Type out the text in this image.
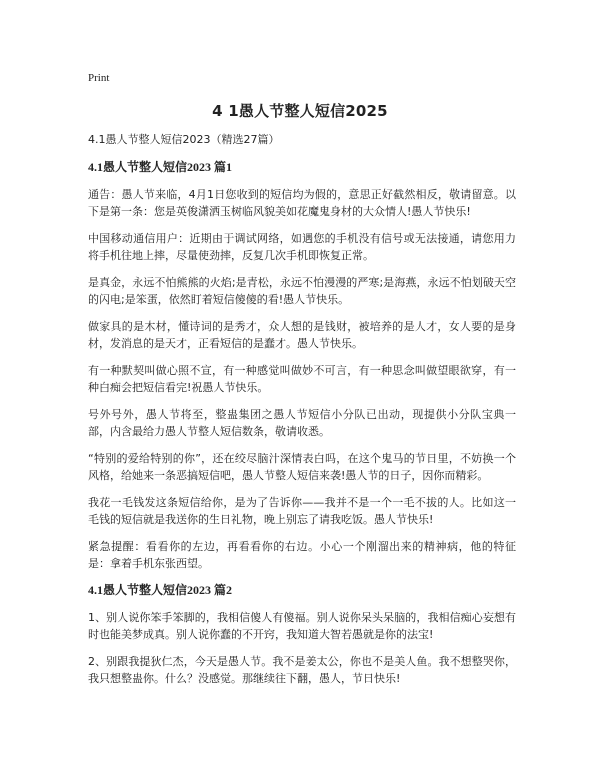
Print
4 1愚人节整人短信2025

4.1愚人节整人短信2023（精选27篇）

4.1愚人节整人短信2023 篇1

通告：愚人节来临，4月1日您收到的短信均为假的，意思正好截然相反，敬请留意。以下是第一条：您是英俊潇洒玉树临风貌美如花魔鬼身材的大众情人!愚人节快乐!

中国移动通信用户：近期由于调试网络，如遇您的手机没有信号或无法接通，请您用力将手机往地上摔，尽量使劲摔，反复几次手机即恢复正常。

是真金，永远不怕熊熊的火焰;是青松，永远不怕漫漫的严寒;是海燕，永远不怕划破天空的闪电;是笨蛋，依然盯着短信傻傻的看!愚人节快乐。

做家具的是木材，懂诗词的是秀才，众人想的是钱财，被培养的是人才，女人要的是身材，发消息的是天才，正看短信的是蠢才。愚人节快乐。

有一种默契叫做心照不宣，有一种感觉叫做妙不可言，有一种思念叫做望眼欲穿，有一种白痴会把短信看完!祝愚人节快乐。

号外号外，愚人节将至，整蛊集团之愚人节短信小分队已出动，现提供小分队宝典一部，内含最给力愚人节整人短信数条，敬请收悉。

“特别的爱给特别的你”，还在绞尽脑汁深情表白吗，在这个鬼马的节日里，不妨换一个风格，给她来一条恶搞短信吧，愚人节整人短信来袭!愚人节的日子，因你而精彩。

我花一毛钱发这条短信给你，是为了告诉你——我并不是一个一毛不拔的人。比如这一毛钱的短信就是我送你的生日礼物，晚上别忘了请我吃饭。愚人节快乐!

紧急提醒：看看你的左边，再看看你的右边。小心一个刚溜出来的精神病，他的特征是：拿着手机东张西望。

4.1愚人节整人短信2023 篇2

1、别人说你笨手笨脚的，我相信傻人有傻福。别人说你呆头呆脑的，我相信痴心妄想有时也能美梦成真。别人说你蠢的不开窍，我知道大智若愚就是你的法宝!

2、别跟我提狄仁杰，今天是愚人节。我不是姜太公，你也不是美人鱼。我不想整哭你，我只想整蛊你。什么？没感觉。那继续往下翻，愚人，节日快乐!
